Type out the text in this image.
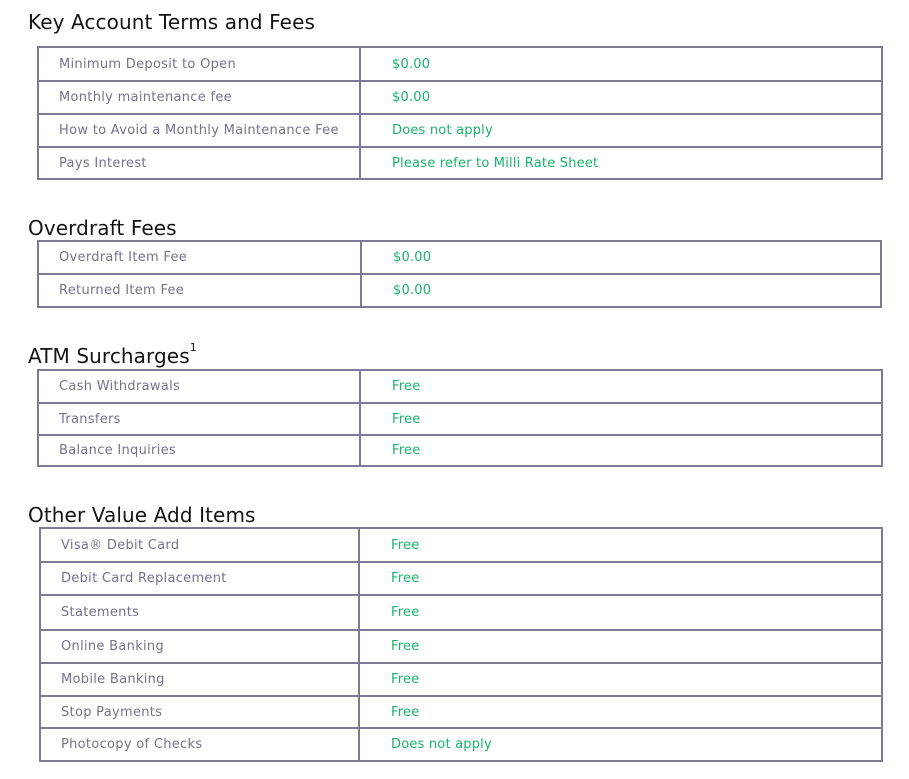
Key Account Terms and Fees
Minimum Deposit to Open	$0.00
Monthly maintenance fee	$0.00
How to Avoid a Monthly Maintenance Fee	Does not apply
Pays Interest	Please refer to Milli Rate Sheet
Overdraft Fees
Overdraft Item Fee	$0.00
Returned Item Fee	$0.00
ATM Surcharges$^1$
Cash Withdrawals	Free
Transfers	Free
Balance Inquiries	Free
Other Value Add Items
Visa® Debit Card	Free
Debit Card Replacement	Free
Statements	Free
Online Banking	Free
Mobile Banking	Free
Stop Payments	Free
Photocopy of Checks	Does not apply
